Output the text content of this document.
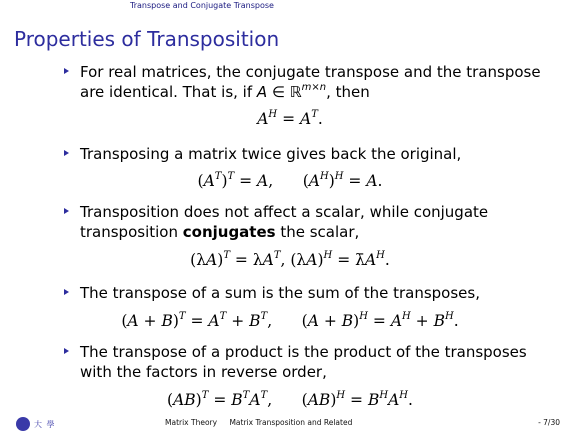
Transpose and Conjugate Transpose
Properties of Transposition
For real matrices, the conjugate transpose and the transpose
are identical. That is, if A ∈ ℝ$^{m\times n}$, then
$A^H = A^T$.
Transposing a matrix twice gives back the original,
$(A^T)^T = A$,      $(A^H)^H = A$.
Transposition does not affect a scalar, while conjugate
transposition conjugates the scalar,
$(\lambda A)^T = \lambda A^T$, $(\lambda A)^H$ = $\lambdāA^H$.
The transpose of a sum is the sum of the transposes,
$(A + B)^T = A^T + B^T$,      $(A + B)^H = A^H + B^H$.
The transpose of a product is the product of the transposes
with the factors in reverse order,
$(AB)^T = B^TA^T$,      $(AB)^H = B^HA^H$.
大 學	Matrix Theory Matrix Transposition and Related	- 7/30
